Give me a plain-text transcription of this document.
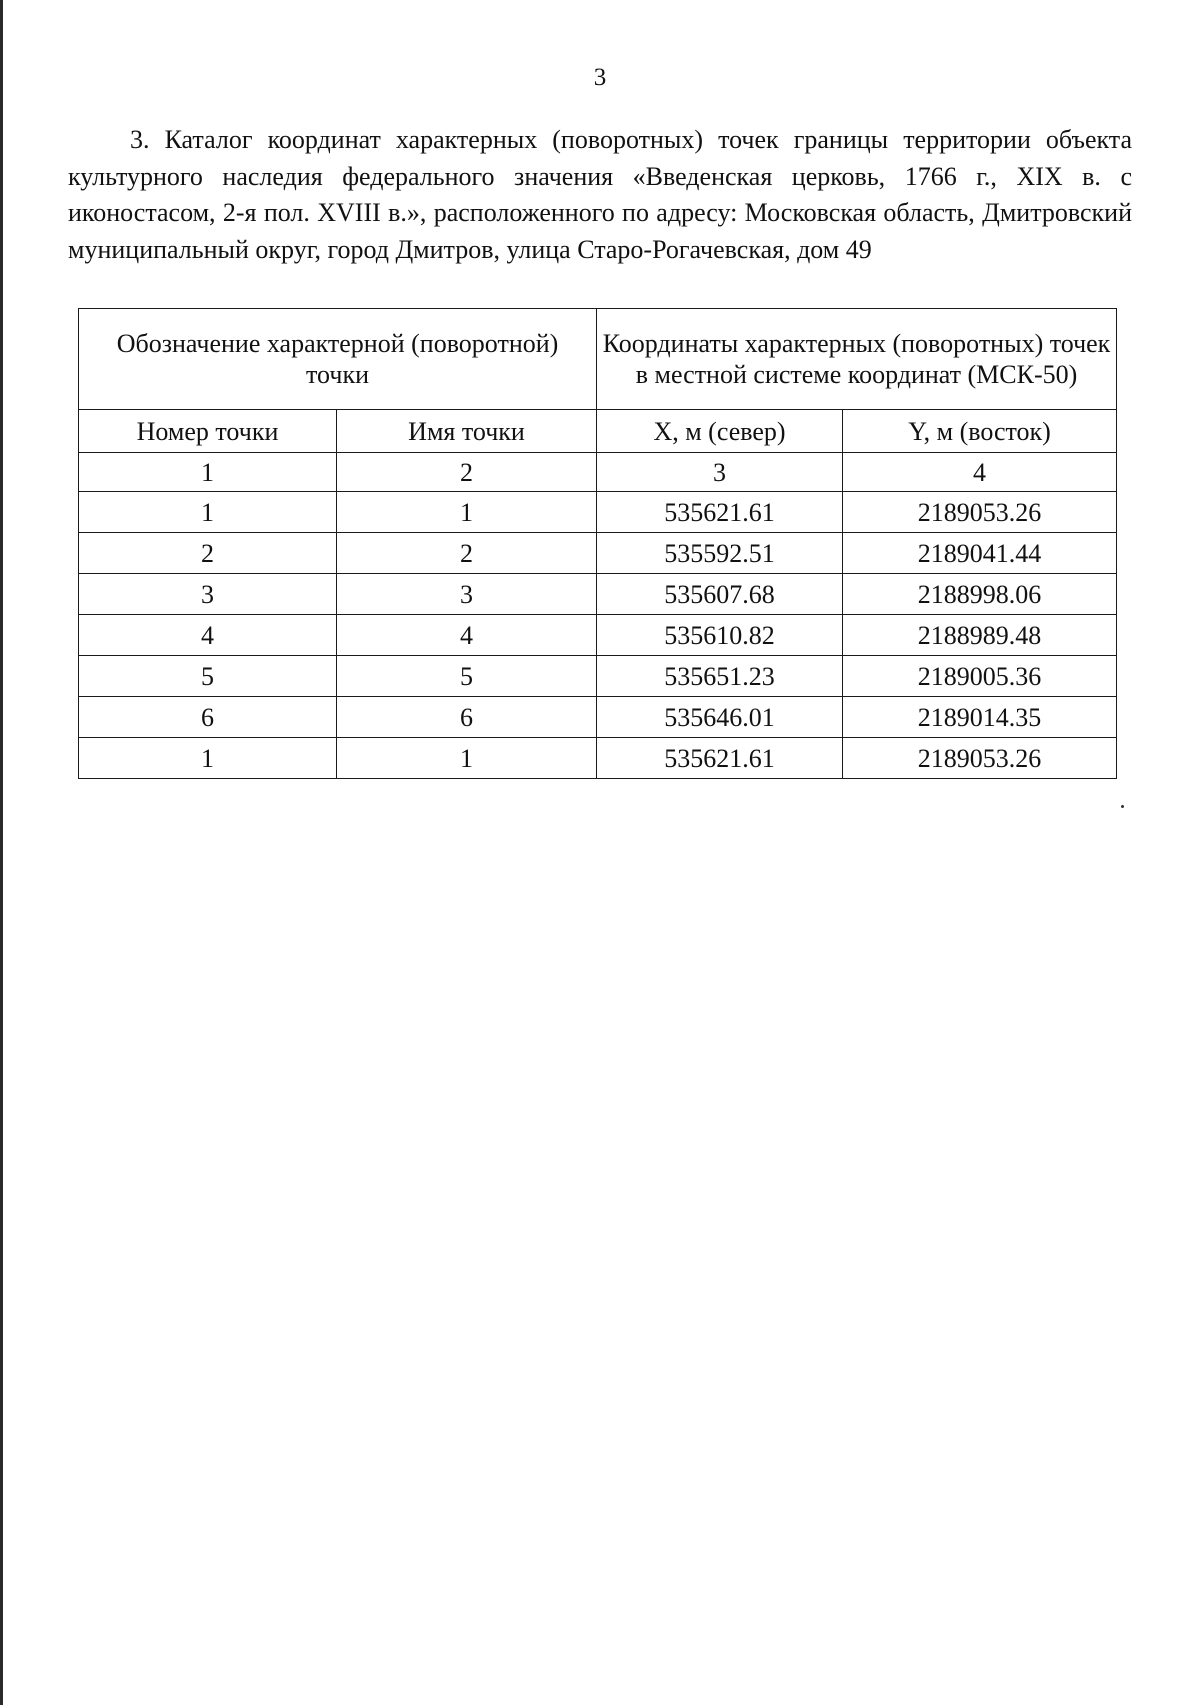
3
3. Каталог координат характерных (поворотных) точек границы территории объекта культурного наследия федерального значения «Введенская церковь, 1766 г., XIX в. с иконостасом, 2-я пол. XVIII в.», расположенного по адресу: Московская область, Дмитровский муниципальный округ, город Дмитров, улица Старо-Рогачевская, дом 49
Обозначение характерной (поворотной) точки		Координаты характерных (поворотных) точек в местной системе координат (МСК-50)	
Номер точки	Имя точки	X, м (север)	Y, м (восток)
1	2	3	4
1	1	535621.61	2189053.26
2	2	535592.51	2189041.44
3	3	535607.68	2188998.06
4	4	535610.82	2188989.48
5	5	535651.23	2189005.36
6	6	535646.01	2189014.35
1	1	535621.61	2189053.26
